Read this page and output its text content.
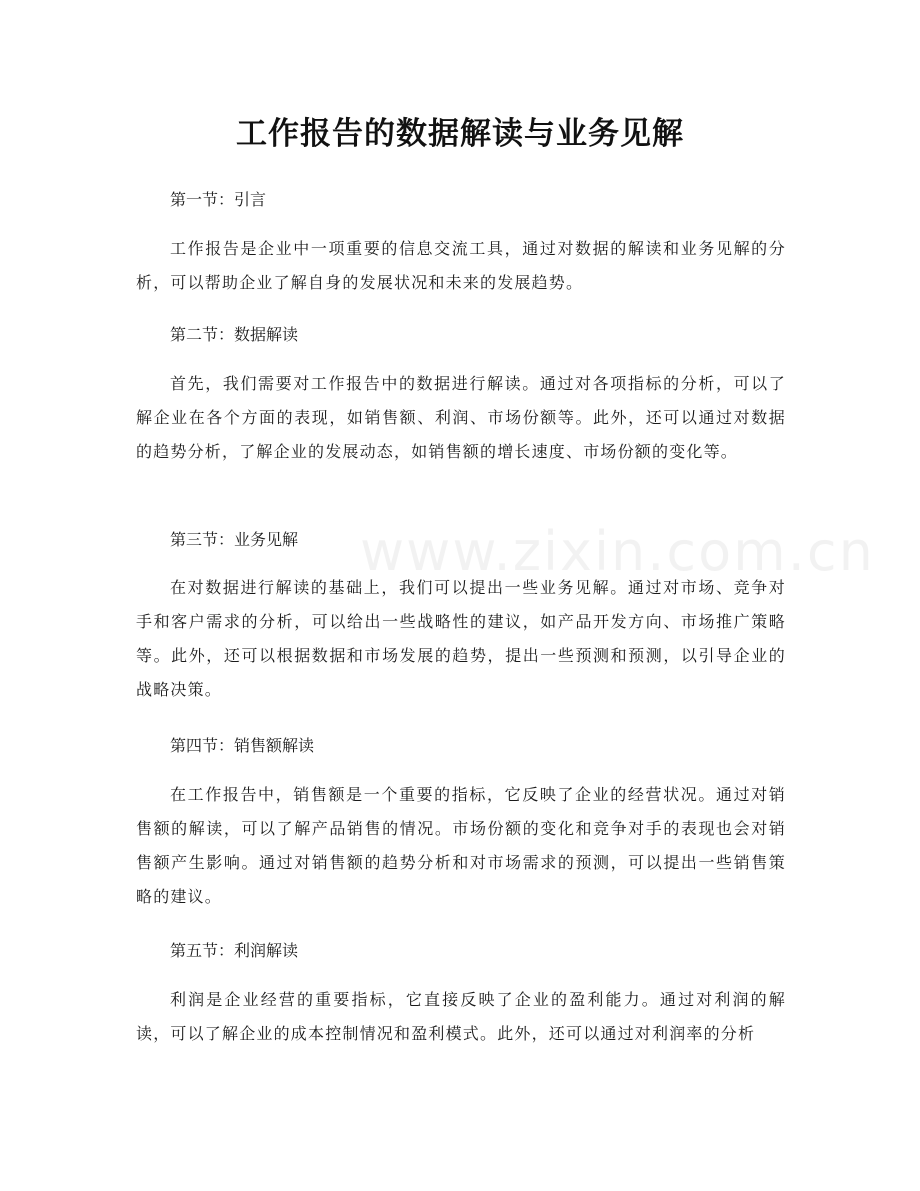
www.zixin.com.cn
工作报告的数据解读与业务见解
第一节：引言

工作报告是企业中一项重要的信息交流工具，通过对数据的解读和业务见解的分析，可以帮助企业了解自身的发展状况和未来的发展趋势。

第二节：数据解读

首先，我们需要对工作报告中的数据进行解读。通过对各项指标的分析，可以了解企业在各个方面的表现，如销售额、利润、市场份额等。此外，还可以通过对数据的趋势分析，了解企业的发展动态，如销售额的增长速度、市场份额的变化等。

第三节：业务见解

在对数据进行解读的基础上，我们可以提出一些业务见解。通过对市场、竞争对手和客户需求的分析，可以给出一些战略性的建议，如产品开发方向、市场推广策略等。此外，还可以根据数据和市场发展的趋势，提出一些预测和预测，以引导企业的战略决策。

第四节：销售额解读

在工作报告中，销售额是一个重要的指标，它反映了企业的经营状况。通过对销售额的解读，可以了解产品销售的情况。市场份额的变化和竞争对手的表现也会对销售额产生影响。通过对销售额的趋势分析和对市场需求的预测，可以提出一些销售策略的建议。

第五节：利润解读

利润是企业经营的重要指标，它直接反映了企业的盈利能力。通过对利润的解读，可以了解企业的成本控制情况和盈利模式。此外，还可以通过对利润率的分析
